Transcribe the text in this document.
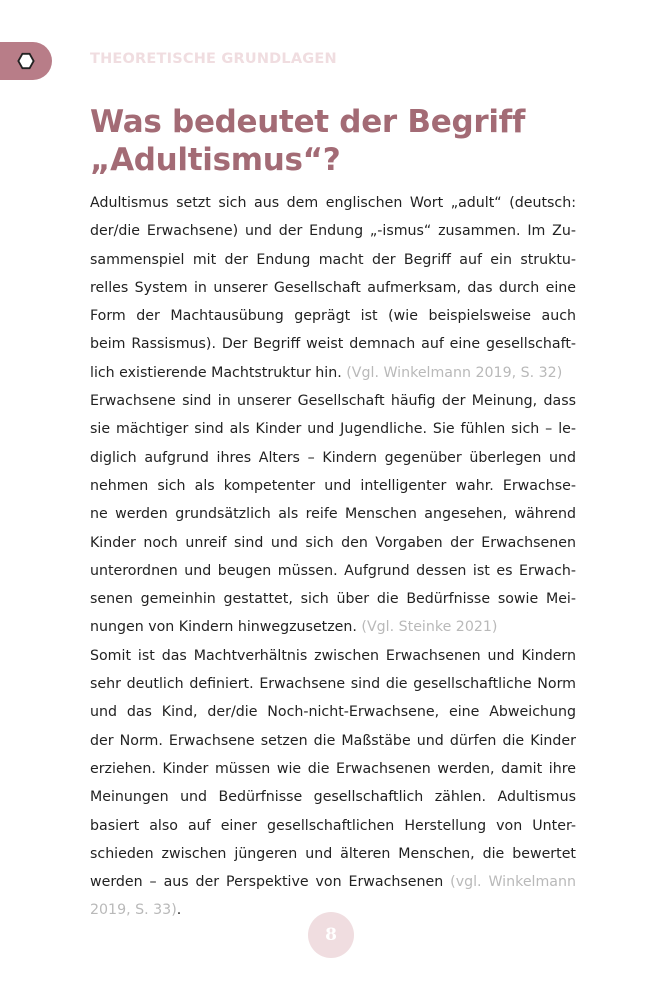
THEORETISCHE GRUNDLAGEN
Was bedeutet der Begriff
„Adultismus“?
Adultismus setzt sich aus dem englischen Wort „adult“ (deutsch:
der/die Erwachsene) und der Endung „-ismus“ zusammen. Im Zu-
sammenspiel mit der Endung macht der Begriff auf ein struktu-
relles System in unserer Gesellschaft aufmerksam, das durch eine
Form der Machtausübung geprägt ist (wie beispielsweise auch
beim Rassismus). Der Begriff weist demnach auf eine gesellschaft-
lich existierende Machtstruktur hin. (Vgl. Winkelmann 2019, S. 32)
Erwachsene sind in unserer Gesellschaft häufig der Meinung, dass
sie mächtiger sind als Kinder und Jugendliche. Sie fühlen sich – le-
diglich aufgrund ihres Alters – Kindern gegenüber überlegen und
nehmen sich als kompetenter und intelligenter wahr. Erwachse-
ne werden grundsätzlich als reife Menschen angesehen, während
Kinder noch unreif sind und sich den Vorgaben der Erwachsenen
unterordnen und beugen müssen. Aufgrund dessen ist es Erwach-
senen gemeinhin gestattet, sich über die Bedürfnisse sowie Mei-
nungen von Kindern hinwegzusetzen. (Vgl. Steinke 2021)
Somit ist das Machtverhältnis zwischen Erwachsenen und Kindern
sehr deutlich definiert. Erwachsene sind die gesellschaftliche Norm
und das Kind, der/die Noch-nicht-Erwachsene, eine Abweichung
der Norm. Erwachsene setzen die Maßstäbe und dürfen die Kinder
erziehen. Kinder müssen wie die Erwachsenen werden, damit ihre
Meinungen und Bedürfnisse gesellschaftlich zählen. Adultismus
basiert also auf einer gesellschaftlichen Herstellung von Unter-
schieden zwischen jüngeren und älteren Menschen, die bewertet
werden – aus der Perspektive von Erwachsenen (vgl. Winkelmann
2019, S. 33).
8
